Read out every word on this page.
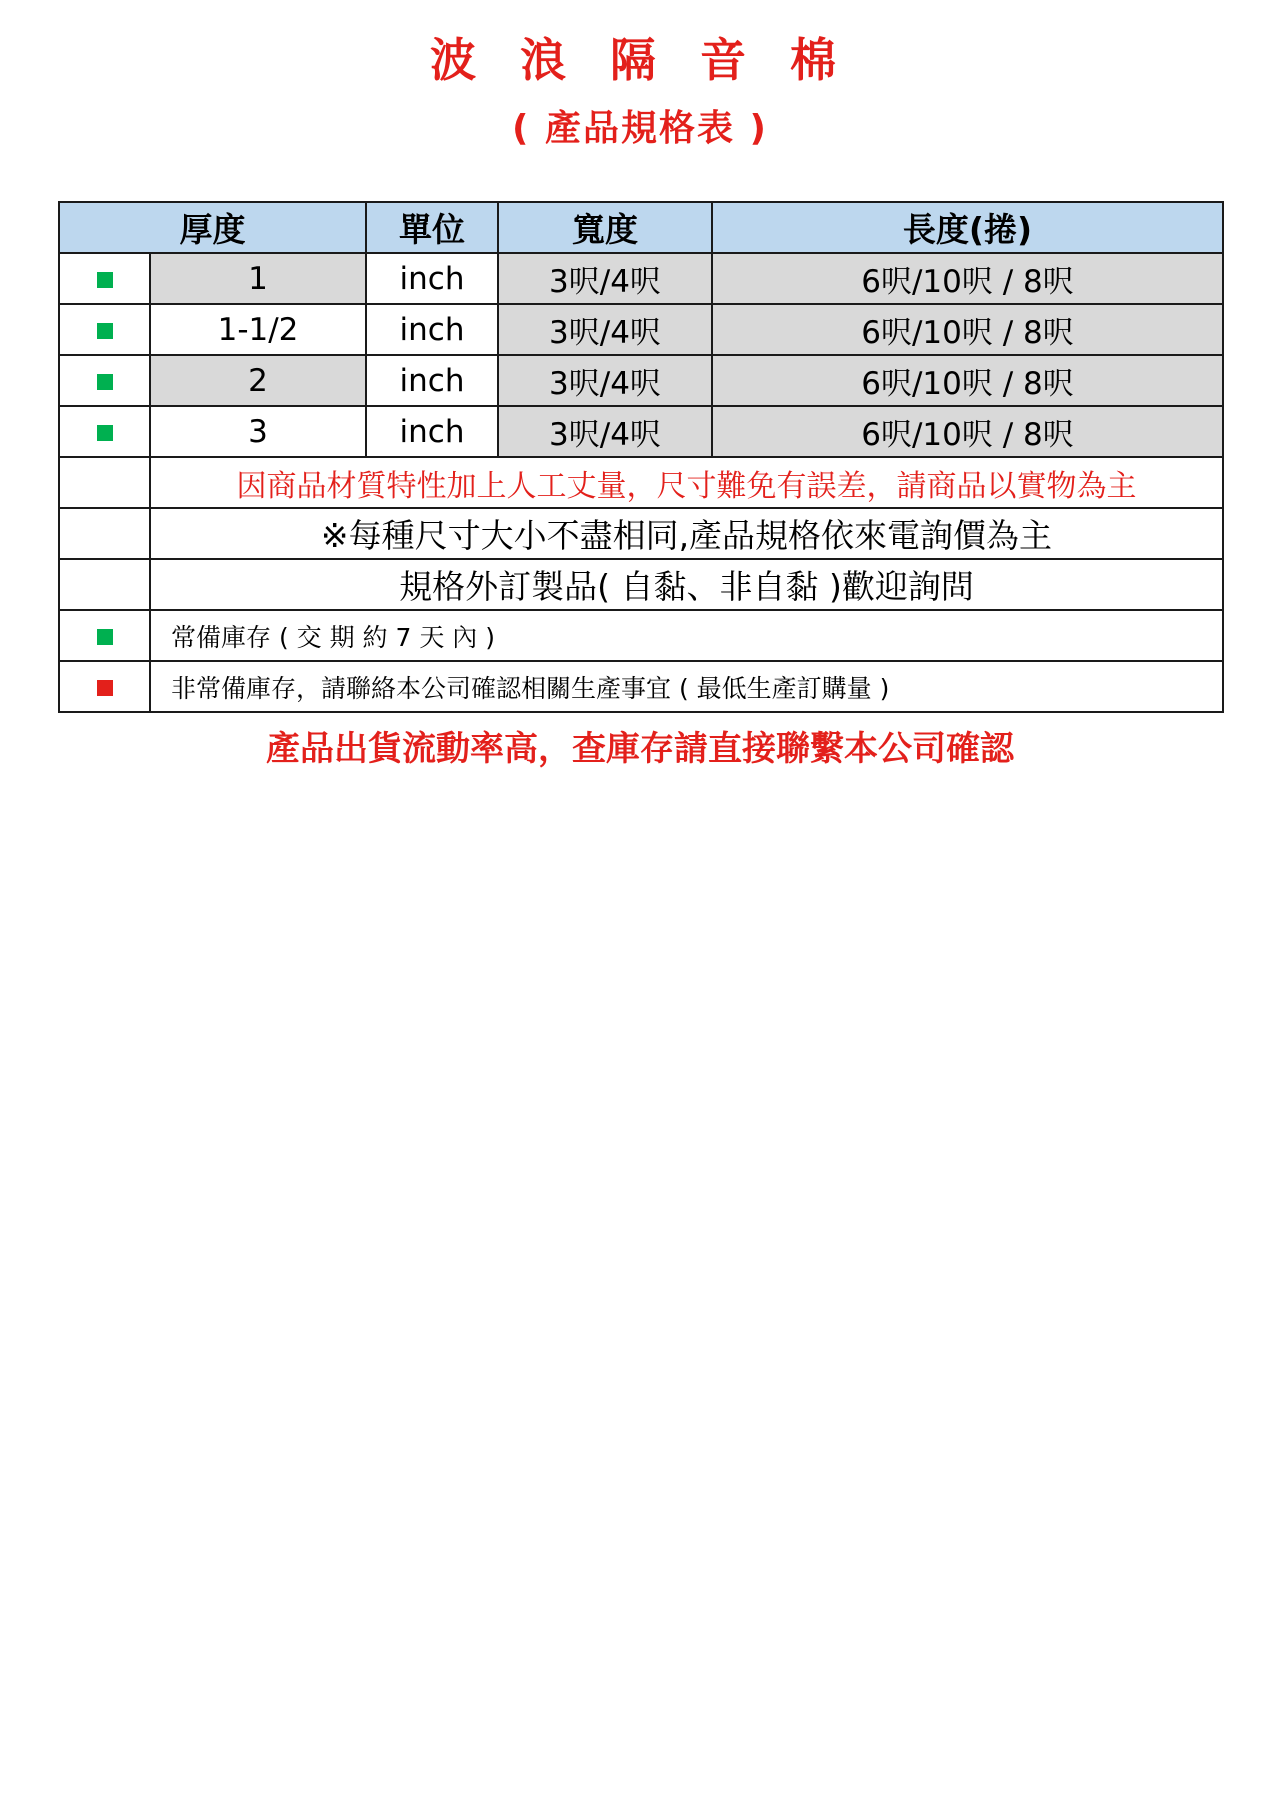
波 浪 隔 音 棉
( 產品規格表 )
厚度		單位	寬度	長度(捲)
	1	inch	3呎/4呎	6呎/10呎 / 8呎
	1-1/2	inch	3呎/4呎	6呎/10呎 / 8呎
	2	inch	3呎/4呎	6呎/10呎 / 8呎
	3	inch	3呎/4呎	6呎/10呎 / 8呎
	因商品材質特性加上人工丈量，尺寸難免有誤差，請商品以實物為主			
	※每種尺寸大小不盡相同,產品規格依來電詢價為主			
	規格外訂製品( 自黏、非自黏 )歡迎詢問			
	常備庫存 ( 交 期 約 7 天 內 )			
	非常備庫存，請聯絡本公司確認相關生產事宜 ( 最低生產訂購量 )			
產品出貨流動率高，查庫存請直接聯繫本公司確認
